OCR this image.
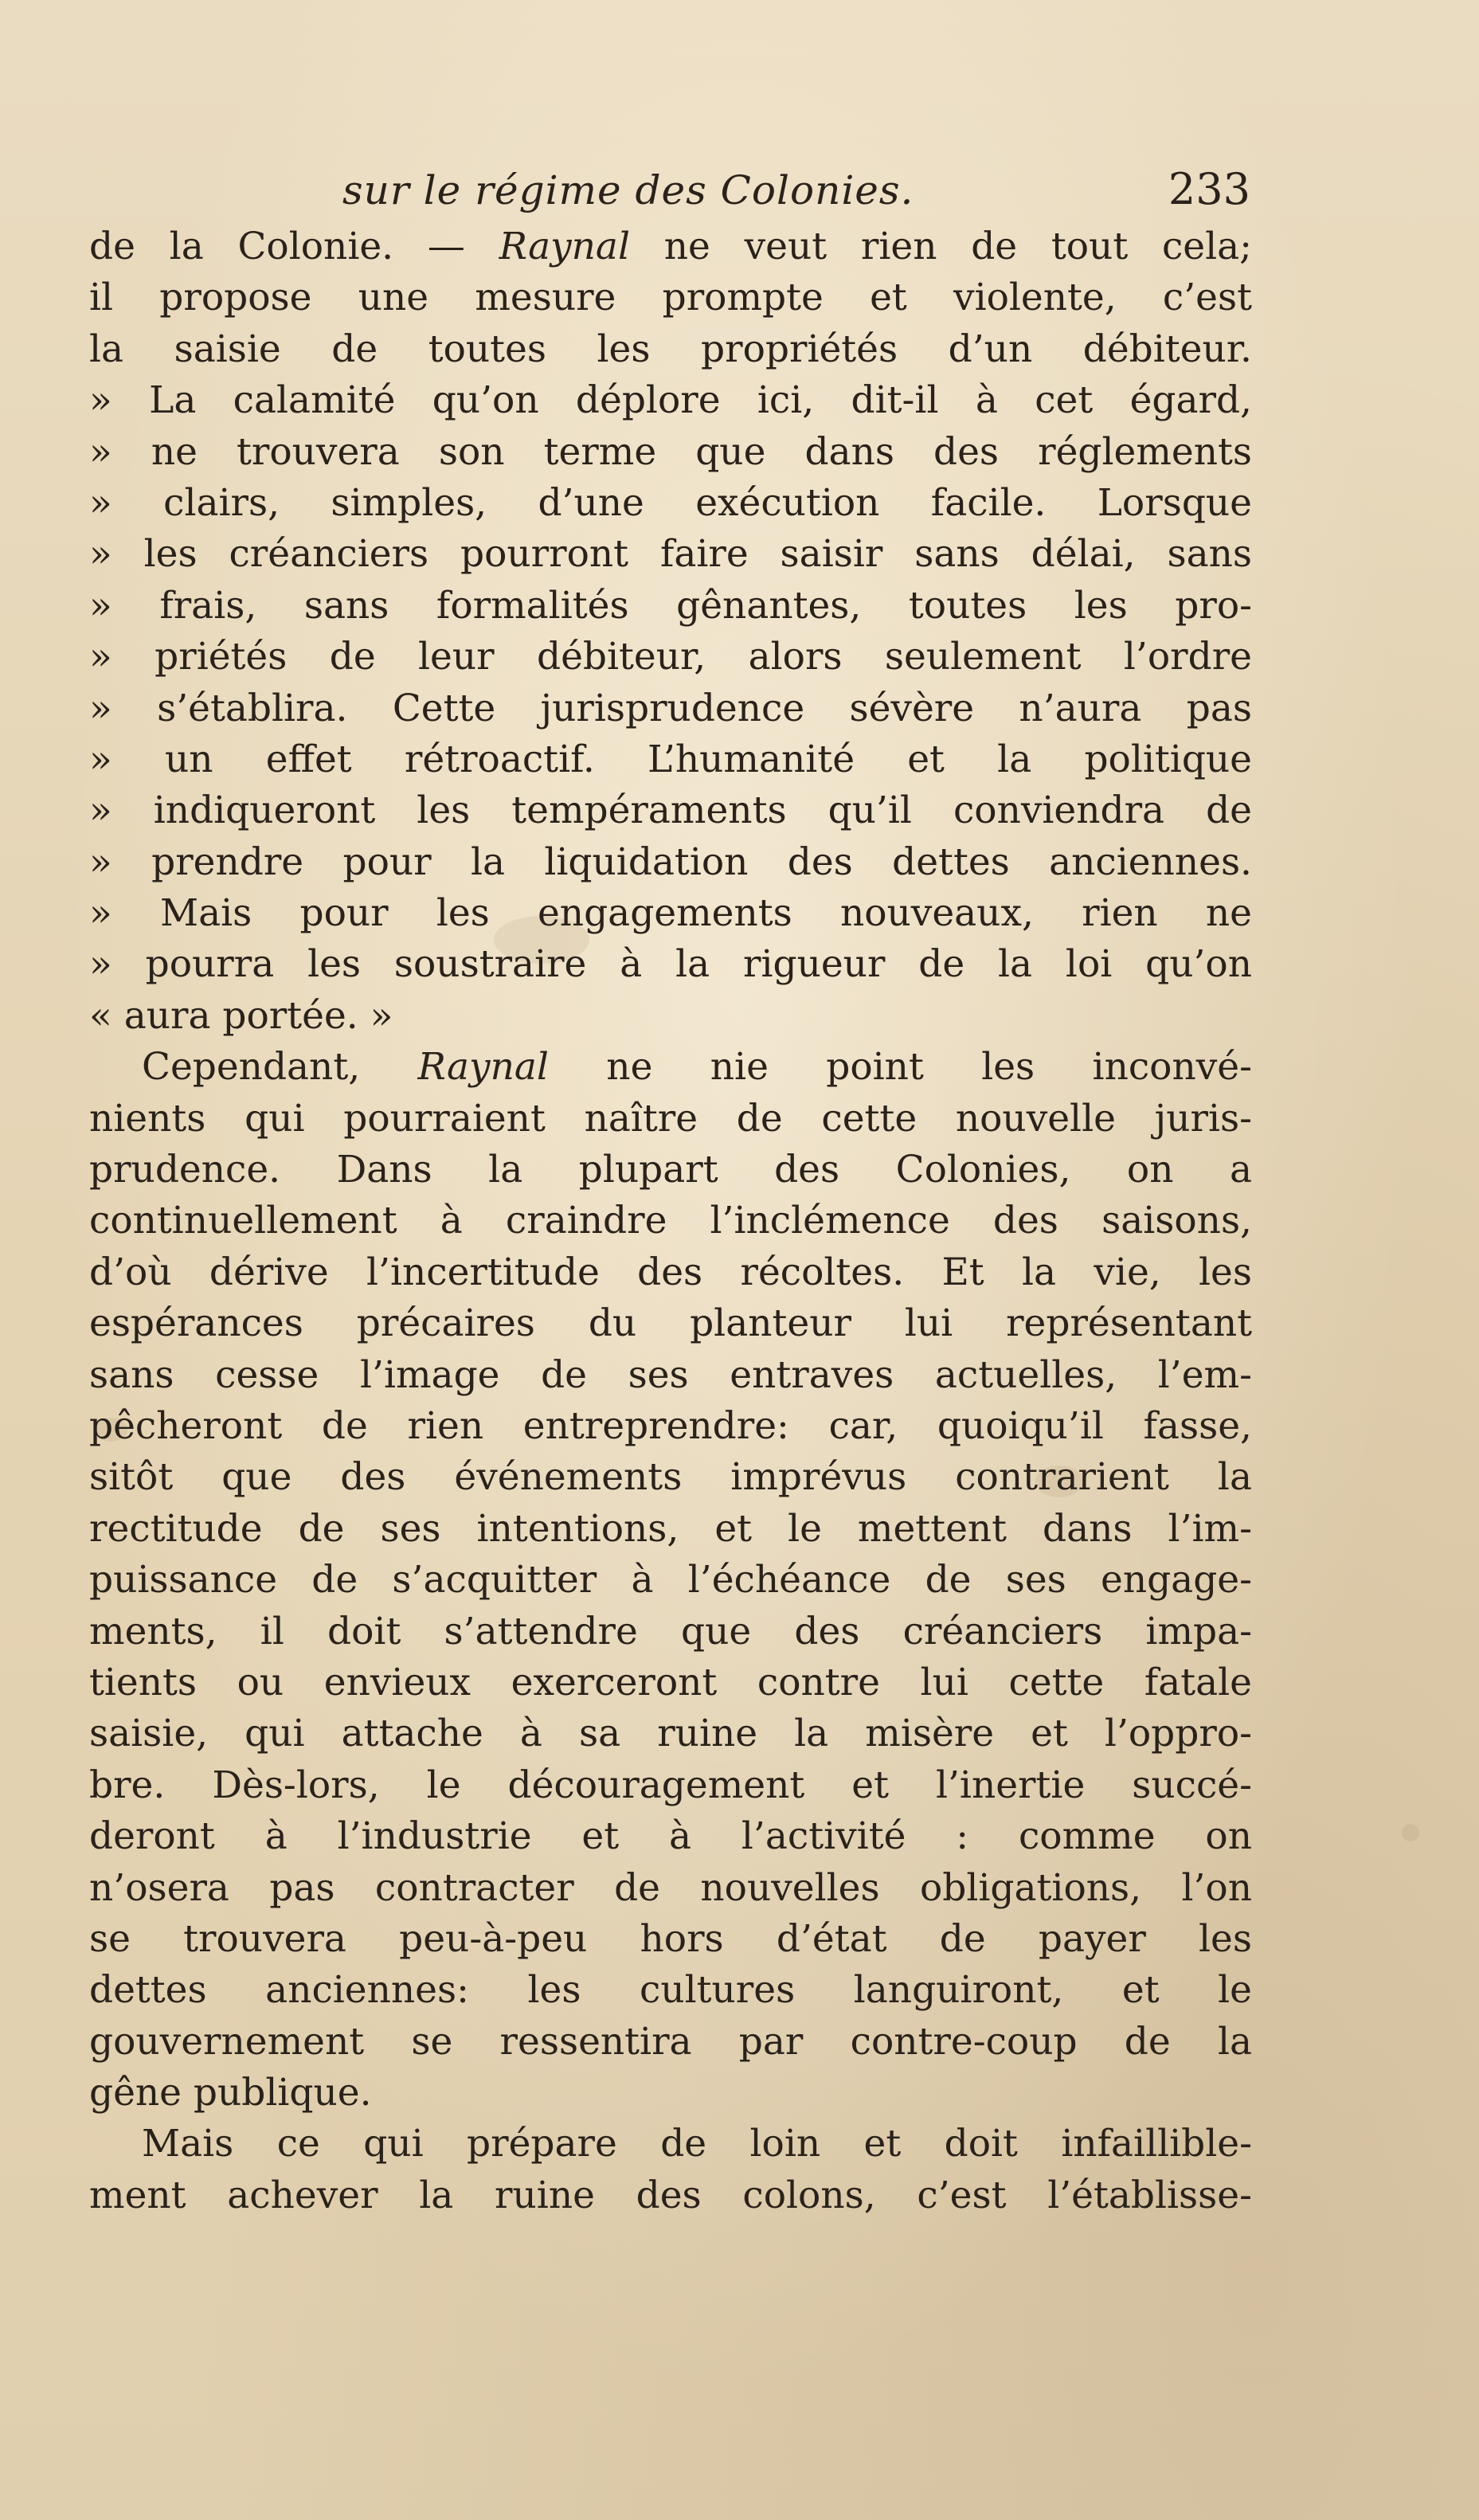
sur le régime des Colonies.	233
de la Colonie. — Raynal ne veut rien de tout cela;
il propose une mesure prompte et violente, c’est
la saisie de toutes les propriétés d’un débiteur.
» La calamité qu’on déplore ici, dit-il à cet égard,
» ne trouvera son terme que dans des réglements
» clairs, simples, d’une exécution facile. Lorsque
» les créanciers pourront faire saisir sans délai, sans
» frais, sans formalités gênantes, toutes les pro-
» priétés de leur débiteur, alors seulement l’ordre
» s’établira. Cette jurisprudence sévère n’aura pas
» un effet rétroactif. L’humanité et la politique
» indiqueront les tempéraments qu’il conviendra de
» prendre pour la liquidation des dettes anciennes.
» Mais pour les engagements nouveaux, rien ne
» pourra les soustraire à la rigueur de la loi qu’on
« aura portée. »
Cependant, Raynal ne nie point les inconvé-
nients qui pourraient naître de cette nouvelle juris-
prudence. Dans la plupart des Colonies, on a
continuellement à craindre l’inclémence des saisons,
d’où dérive l’incertitude des récoltes. Et la vie, les
espérances précaires du planteur lui représentant
sans cesse l’image de ses entraves actuelles, l’em-
pêcheront de rien entreprendre: car, quoiqu’il fasse,
sitôt que des événements imprévus contrarient la
rectitude de ses intentions, et le mettent dans l’im-
puissance de s’acquitter à l’échéance de ses engage-
ments, il doit s’attendre que des créanciers impa-
tients ou envieux exerceront contre lui cette fatale
saisie, qui attache à sa ruine la misère et l’oppro-
bre. Dès-lors, le découragement et l’inertie succé-
deront à l’industrie et à l’activité : comme on
n’osera pas contracter de nouvelles obligations, l’on
se trouvera peu-à-peu hors d’état de payer les
dettes anciennes: les cultures languiront, et le
gouvernement se ressentira par contre-coup de la
gêne publique.
Mais ce qui prépare de loin et doit infaillible-
ment achever la ruine des colons, c’est l’établisse-
